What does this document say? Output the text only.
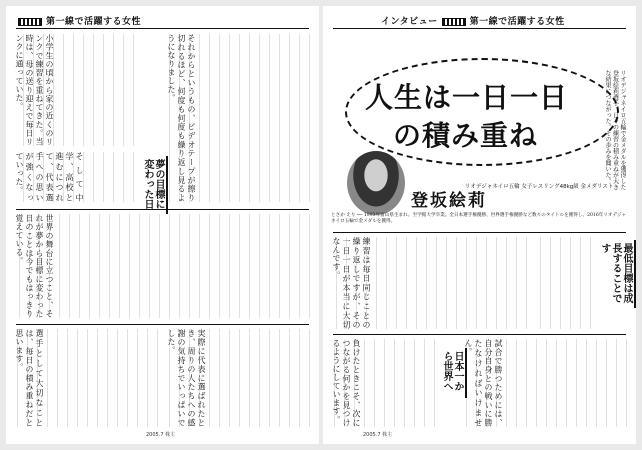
第一線で活躍する女性
それからというもの、ビデオテープが擦り切れるほど、何度も何度も繰り返し見るようになりました。
小学生の頃から家の近くのリンクで練習を重ねてきた。当時は、母の送り迎えで毎日リンクに通っていた。
夢の目標に変わった日
そして中学、高校と進むにつれて、代表選手への思いが強くなっていった。
世界の舞台に立つこと、それが夢から目標に変わった日のことは今でもはっきり覚えている。
実際に代表に選ばれたとき、周りの人たちへの感謝の気持ちでいっぱいでした。
選手として大切なことは、毎日の積み重ねだと思います。
2005.7 株主
インタビュー	第一線で活躍する女性
人生は一日一日
の積み重ね	リオデジャネイロ五輪で金メダルを獲得した登坂絵莉選手。日々の練習の積み重ねが大きな結果につながった。その歩みを聞いた。
登坂絵莉
リオデジャネイロ五輪 女子レスリング48kg級 金メダリスト
とさか えり ── 1993年富山県生まれ。至学館大学卒業。全日本選手権優勝、世界選手権優勝など数々のタイトルを獲得し、2016年リオデジャネイロ五輪で金メダルを獲得。
練習は毎日同じことの繰り返しですが、その一日一日が本当に大切なんです。	最低目標は成長することです
試合で勝つためには、自分自身との戦いに勝たなければいけません。
日本一から世界へ
負けたときこそ、次につながる何かを見つけるようにしています。
2005.7 株主
